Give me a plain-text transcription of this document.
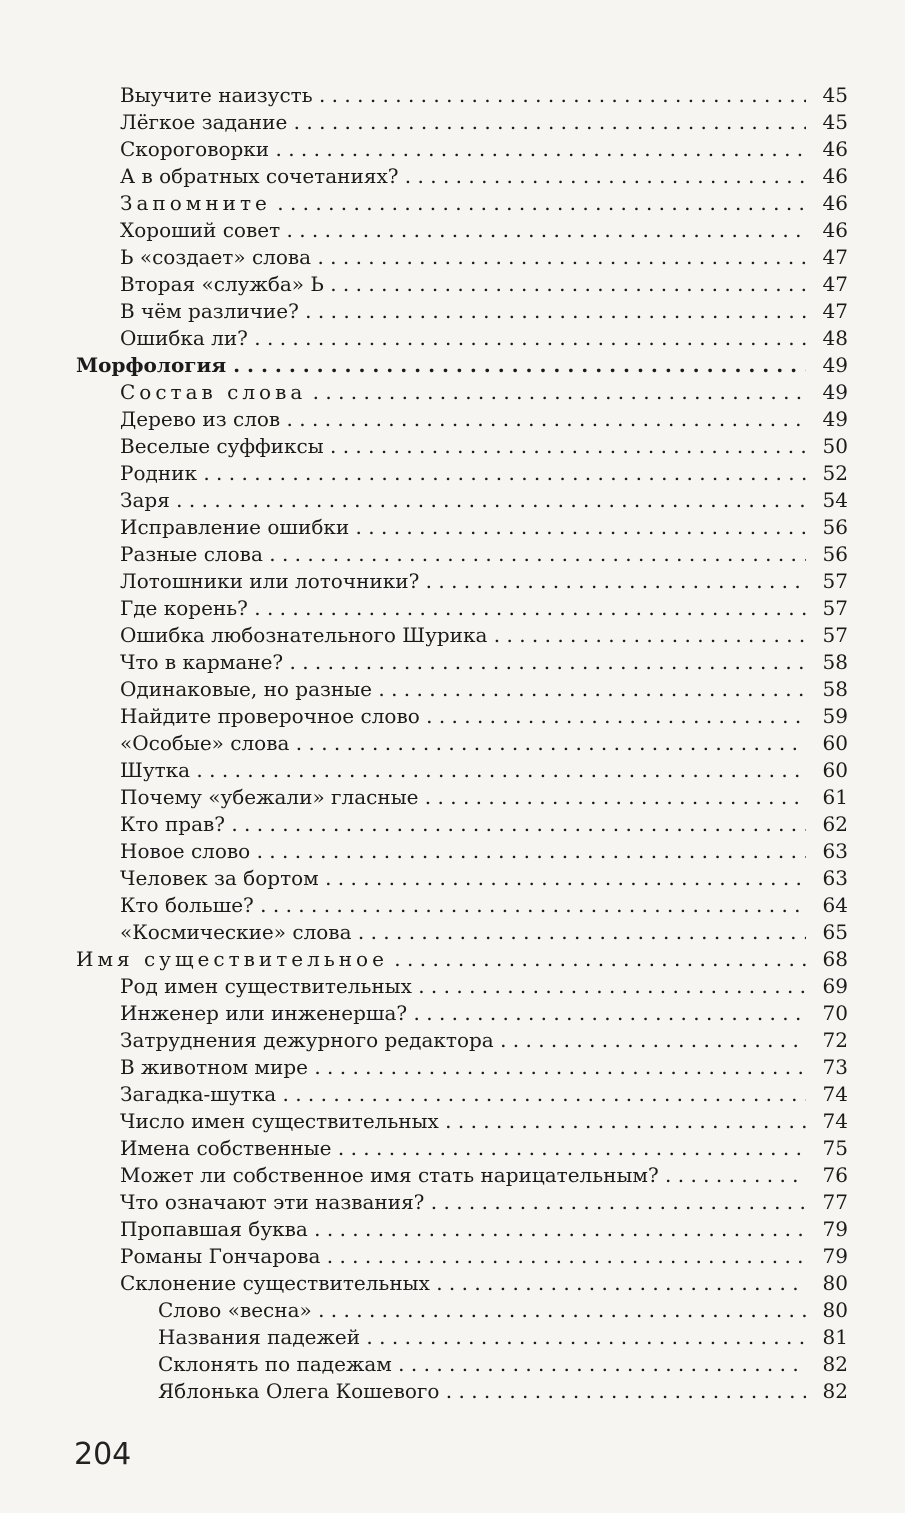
Выучите наизусть . . .	45
Лёгкое задание . . .	45
Скороговорки . . .	46
А в обратных сочетаниях? . . .	46
Запомните . . .	46
Хороший совет . . .	46
Ь «создает» слова . . .	47
Вторая «служба» Ь . . .	47
В чём различие? . . .	47
Ошибка ли? . . .	48
Морфология . . .	49
Состав слова . . .	49
Дерево из слов . . .	49
Веселые суффиксы . . .	50
Родник . . .	52
Заря . . .	54
Исправление ошибки . . .	56
Разные слова . . .	56
Лотошники или лоточники? . . .	57
Где корень? . . .	57
Ошибка любознательного Шурика . . .	57
Что в кармане? . . .	58
Одинаковые, но разные . . .	58
Найдите проверочное слово . . .	59
«Особые» слова . . .	60
Шутка . . .	60
Почему «убежали» гласные . . .	61
Кто прав? . . .	62
Новое слово . . .	63
Человек за бортом . . .	63
Кто больше? . . .	64
«Космические» слова . . .	65
Имя существительное . . .	68
Род имен существительных . . .	69
Инженер или инженерша? . . .	70
Затруднения дежурного редактора . . .	72
В животном мире . . .	73
Загадка-шутка . . .	74
Число имен существительных . . .	74
Имена собственные . . .	75
Может ли собственное имя стать нарицательным? . . .	76
Что означают эти названия? . . .	77
Пропавшая буква . . .	79
Романы Гончарова . . .	79
Склонение существительных . . .	80
Слово «весна» . . .	80
Названия падежей . . .	81
Склонять по падежам . . .	82
Яблонька Олега Кошевого . . .	82
204
